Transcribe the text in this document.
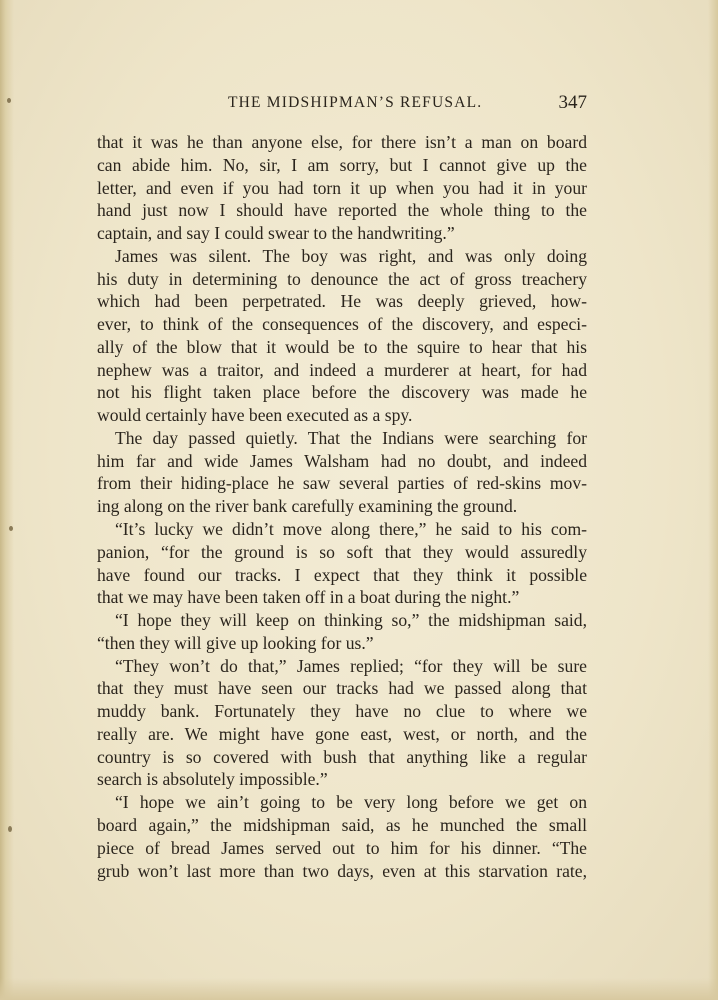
THE MIDSHIPMAN’S REFUSAL.	347
that it was he than anyone else, for there isn’t a man on board
can abide him. No, sir, I am sorry, but I cannot give up the
letter, and even if you had torn it up when you had it in your
hand just now I should have reported the whole thing to the
captain, and say I could swear to the handwriting.”
James was silent. The boy was right, and was only doing
his duty in determining to denounce the act of gross treachery
which had been perpetrated. He was deeply grieved, how-
ever, to think of the consequences of the discovery, and especi-
ally of the blow that it would be to the squire to hear that his
nephew was a traitor, and indeed a murderer at heart, for had
not his flight taken place before the discovery was made he
would certainly have been executed as a spy.
The day passed quietly. That the Indians were searching for
him far and wide James Walsham had no doubt, and indeed
from their hiding-place he saw several parties of red-skins mov-
ing along on the river bank carefully examining the ground.
“It’s lucky we didn’t move along there,” he said to his com-
panion, “for the ground is so soft that they would assuredly
have found our tracks. I expect that they think it possible
that we may have been taken off in a boat during the night.”
“I hope they will keep on thinking so,” the midshipman said,
“then they will give up looking for us.”
“They won’t do that,” James replied; “for they will be sure
that they must have seen our tracks had we passed along that
muddy bank. Fortunately they have no clue to where we
really are. We might have gone east, west, or north, and the
country is so covered with bush that anything like a regular
search is absolutely impossible.”
“I hope we ain’t going to be very long before we get on
board again,” the midshipman said, as he munched the small
piece of bread James served out to him for his dinner. “The
grub won’t last more than two days, even at this starvation rate,
